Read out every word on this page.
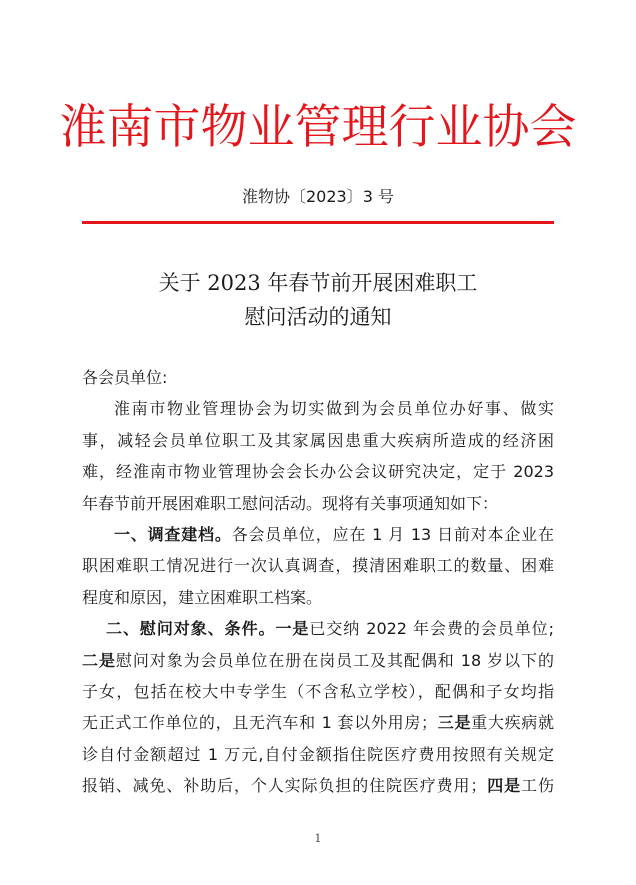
淮南市物业管理行业协会
淮物协〔2023〕3 号
关于 2023 年春节前开展困难职工
慰问活动的通知
各会员单位:
淮南市物业管理协会为切实做到为会员单位办好事、做实
事，减轻会员单位职工及其家属因患重大疾病所造成的经济困
难，经淮南市物业管理协会会长办公会议研究决定，定于 2023
年春节前开展困难职工慰问活动。现将有关事项通知如下：
一、调查建档。各会员单位，应在 1 月 13 日前对本企业在
职困难职工情况进行一次认真调查，摸清困难职工的数量、困难
程度和原因，建立困难职工档案。
二、慰问对象、条件。一是已交纳 2022 年会费的会员单位;
二是慰问对象为会员单位在册在岗员工及其配偶和 18 岁以下的
子女，包括在校大中专学生（不含私立学校），配偶和子女均指
无正式工作单位的，且无汽车和 1 套以外用房；三是重大疾病就
诊自付金额超过 1 万元,自付金额指住院医疗费用按照有关规定
报销、减免、补助后，个人实际负担的住院医疗费用；四是工伤
1
